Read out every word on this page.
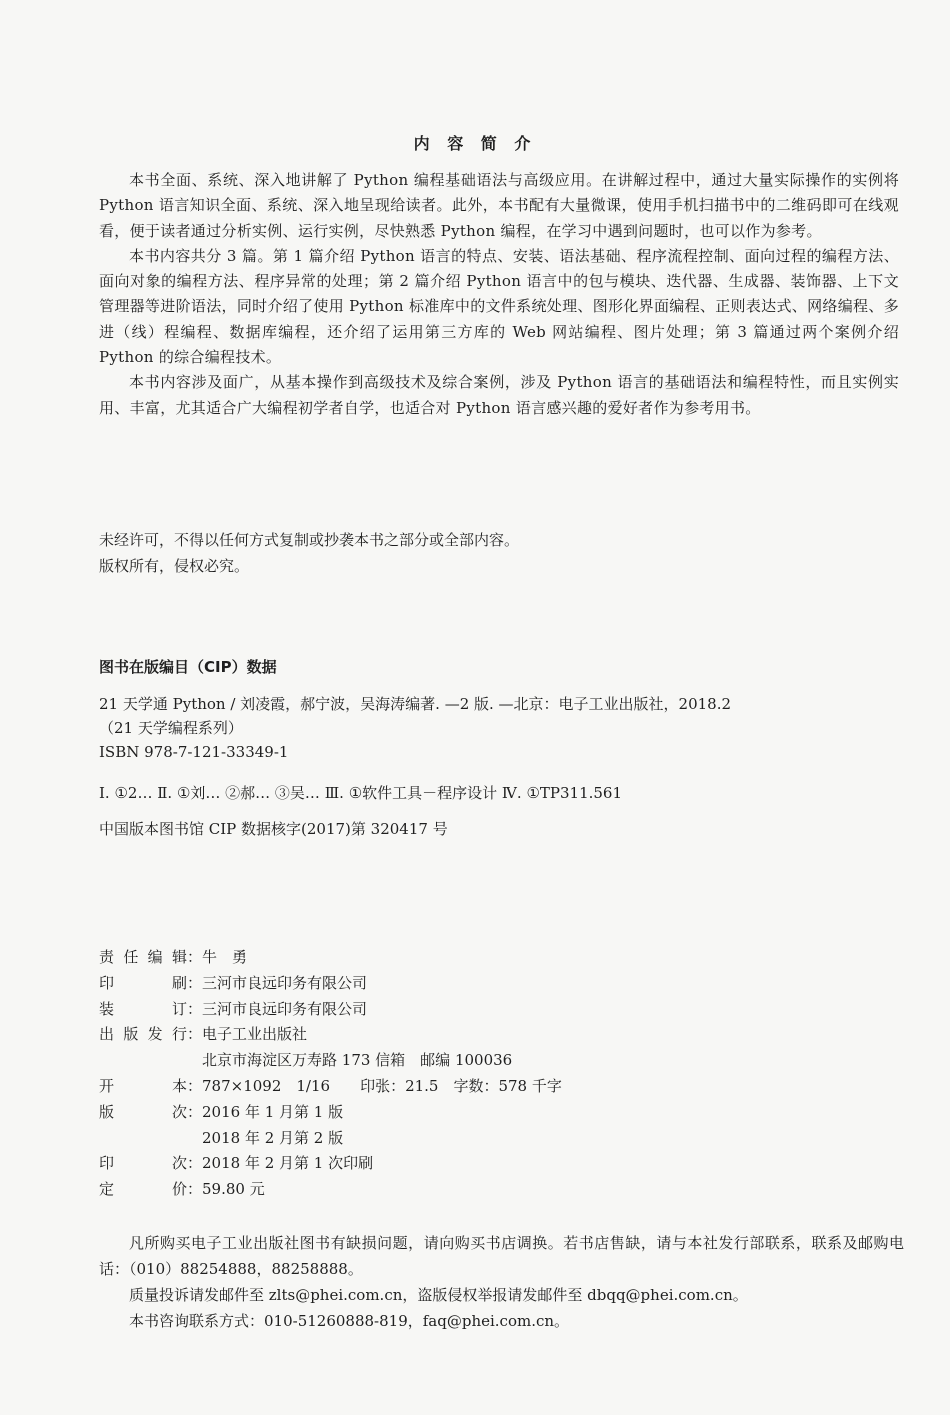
内 容 简 介

本书全面、系统、深入地讲解了 Python 编程基础语法与高级应用。在讲解过程中，通过大量实际操作的实例将 Python 语言知识全面、系统、深入地呈现给读者。此外，本书配有大量微课，使用手机扫描书中的二维码即可在线观看，便于读者通过分析实例、运行实例，尽快熟悉 Python 编程，在学习中遇到问题时，也可以作为参考。

本书内容共分 3 篇。第 1 篇介绍 Python 语言的特点、安装、语法基础、程序流程控制、面向过程的编程方法、面向对象的编程方法、程序异常的处理；第 2 篇介绍 Python 语言中的包与模块、迭代器、生成器、装饰器、上下文管理器等进阶语法，同时介绍了使用 Python 标准库中的文件系统处理、图形化界面编程、正则表达式、网络编程、多进（线）程编程、数据库编程，还介绍了运用第三方库的 Web 网站编程、图片处理；第 3 篇通过两个案例介绍 Python 的综合编程技术。

本书内容涉及面广，从基本操作到高级技术及综合案例，涉及 Python 语言的基础语法和编程特性，而且实例实用、丰富，尤其适合广大编程初学者自学，也适合对 Python 语言感兴趣的爱好者作为参考用书。

未经许可，不得以任何方式复制或抄袭本书之部分或全部内容。
版权所有，侵权必究。
图书在版编目（CIP）数据
21 天学通 Python / 刘凌霞，郝宁波，吴海涛编著. —2 版. —北京：电子工业出版社，2018.2
（21 天学编程系列）
ISBN 978-7-121-33349-1
Ⅰ. ①2… Ⅱ. ①刘… ②郝… ③吴… Ⅲ. ①软件工具－程序设计 Ⅳ. ①TP311.561
中国版本图书馆 CIP 数据核字(2017)第 320417 号
责 任 编 辑 ： 牛　勇
印	刷 ： 三河市良远印务有限公司
装	订 ： 三河市良远印务有限公司
出 版 发 行 ： 电子工业出版社
北京市海淀区万寿路 173 信箱　邮编 100036
开	本 ： 787×1092　1/16　　印张：21.5　字数：578 千字
版	次 ： 2016 年 1 月第 1 版
2018 年 2 月第 2 版
印	次 ： 2018 年 2 月第 1 次印刷
定	价 ： 59.80 元

凡所购买电子工业出版社图书有缺损问题，请向购买书店调换。若书店售缺，请与本社发行部联系，联系及邮购电话：（010）88254888，88258888。

质量投诉请发邮件至 zlts@phei.com.cn，盗版侵权举报请发邮件至 dbqq@phei.com.cn。

本书咨询联系方式：010-51260888-819，faq@phei.com.cn。
